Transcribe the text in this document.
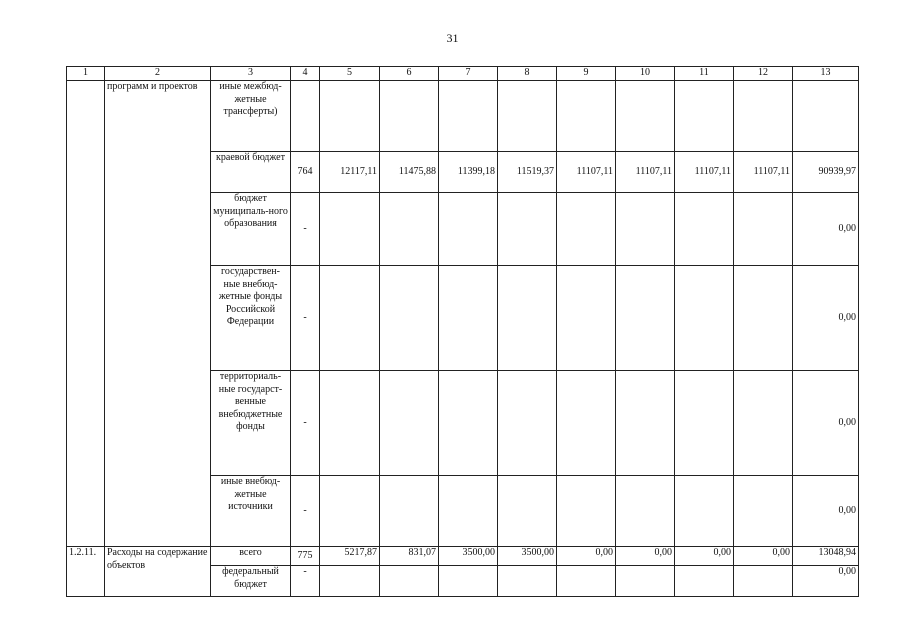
31
1	2	3	4	5	6	7	8	9	10	11	12	13
	программ и проектов	иные межбюд-жетные трансферты)										
		краевой бюджет	764	12117,11	11475,88	11399,18	11519,37	11107,11	11107,11	11107,11	11107,11	90939,97
		бюджет муниципаль-ного образования	-									0,00
		государствен-ные внебюд-жетные фонды Российской Федерации	-									0,00
		территориаль-ные государст-венные внебюджетные фонды	-									0,00
		иные внебюд-жетные источники	-									0,00
1.2.11.	Расходы на содержание объектов	всего	775	5217,87	831,07	3500,00	3500,00	0,00	0,00	0,00	0,00	13048,94
		федеральный бюджет	-									0,00
